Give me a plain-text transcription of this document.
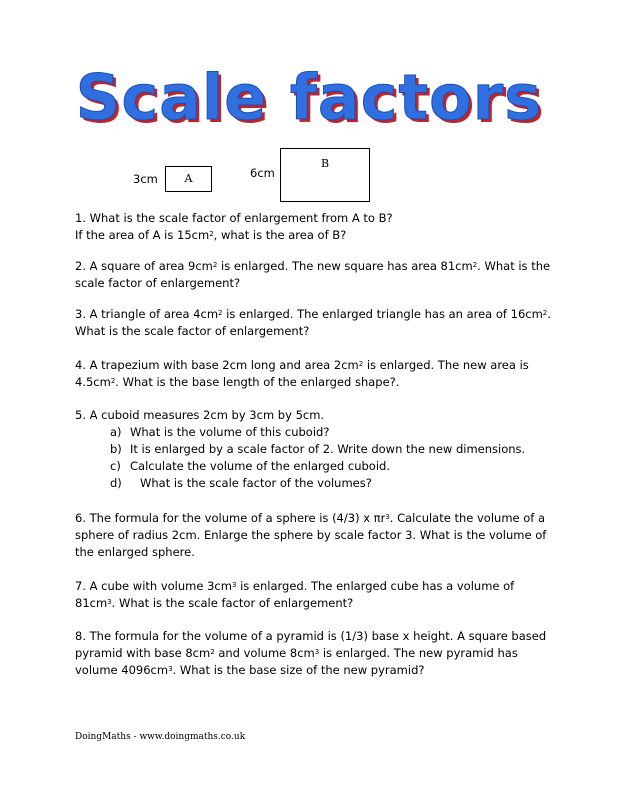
Scale factors
3cm	A	6cm
B

1. What is the scale factor of enlargement from A to B?

If the area of A is $15cm^2$, what is the area of B?

2. A square of area $9cm^2$ is enlarged. The new square has area $81cm^2$. What is the scale factor of enlargement?

3. A triangle of area $4cm^2$ is enlarged. The enlarged triangle has an area of $16cm^2$. What is the scale factor of enlargement?

4. A trapezium with base 2cm long and area $2cm^2$ is enlarged. The new area is $4.5cm^2$. What is the base length of the enlarged shape?.

5. A cuboid measures 2cm by 3cm by 5cm.

a) What is the volume of this cuboid?
b) It is enlarged by a scale factor of 2. Write down the new dimensions.
c) Calculate the volume of the enlarged cuboid.
d) What is the scale factor of the volumes?

6. The formula for the volume of a sphere is (4/3) x $\pi r^3$. Calculate the volume of a sphere of radius 2cm. Enlarge the sphere by scale factor 3. What is the volume of the enlarged sphere.

7. A cube with volume $3cm^3$ is enlarged. The enlarged cube has a volume of $81cm^3$. What is the scale factor of enlargement?

8. The formula for the volume of a pyramid is (1/3) base x height. A square based pyramid with base $8cm^2$ and volume $8cm^3$ is enlarged. The new pyramid has volume $4096cm^3$. What is the base size of the new pyramid?

DoingMaths - www.doingmaths.co.uk
